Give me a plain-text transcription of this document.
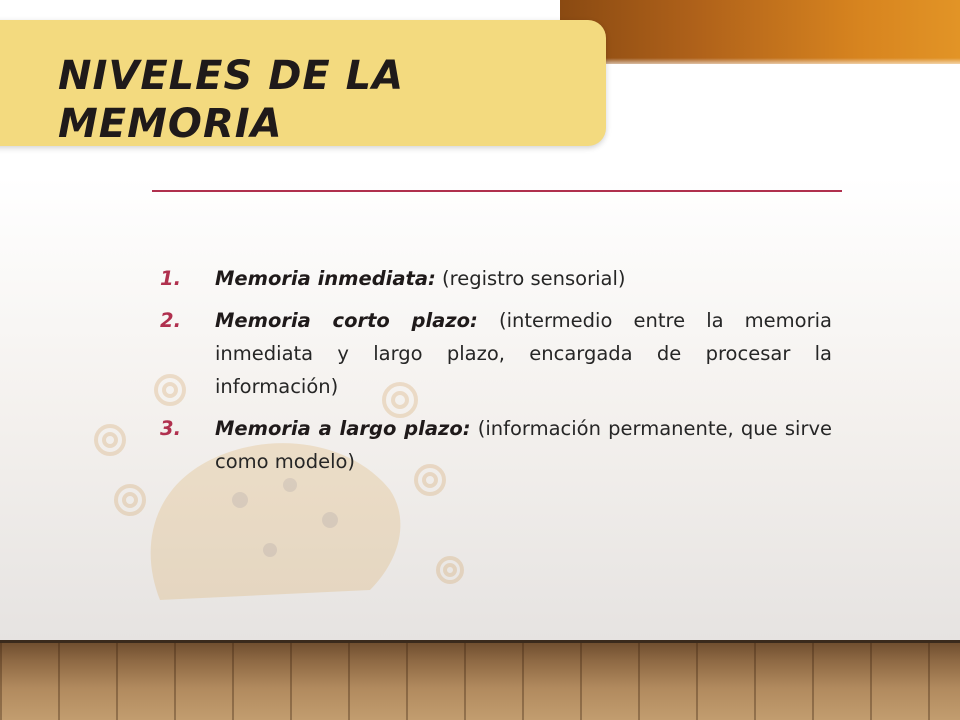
NIVELES DE LA MEMORIA
1. Memoria inmediata: (registro sensorial)
2. Memoria corto plazo: (intermedio entre la memoria inmediata y largo plazo, encargada de procesar la información)
3. Memoria a largo plazo: (información permanente, que sirve como modelo)
